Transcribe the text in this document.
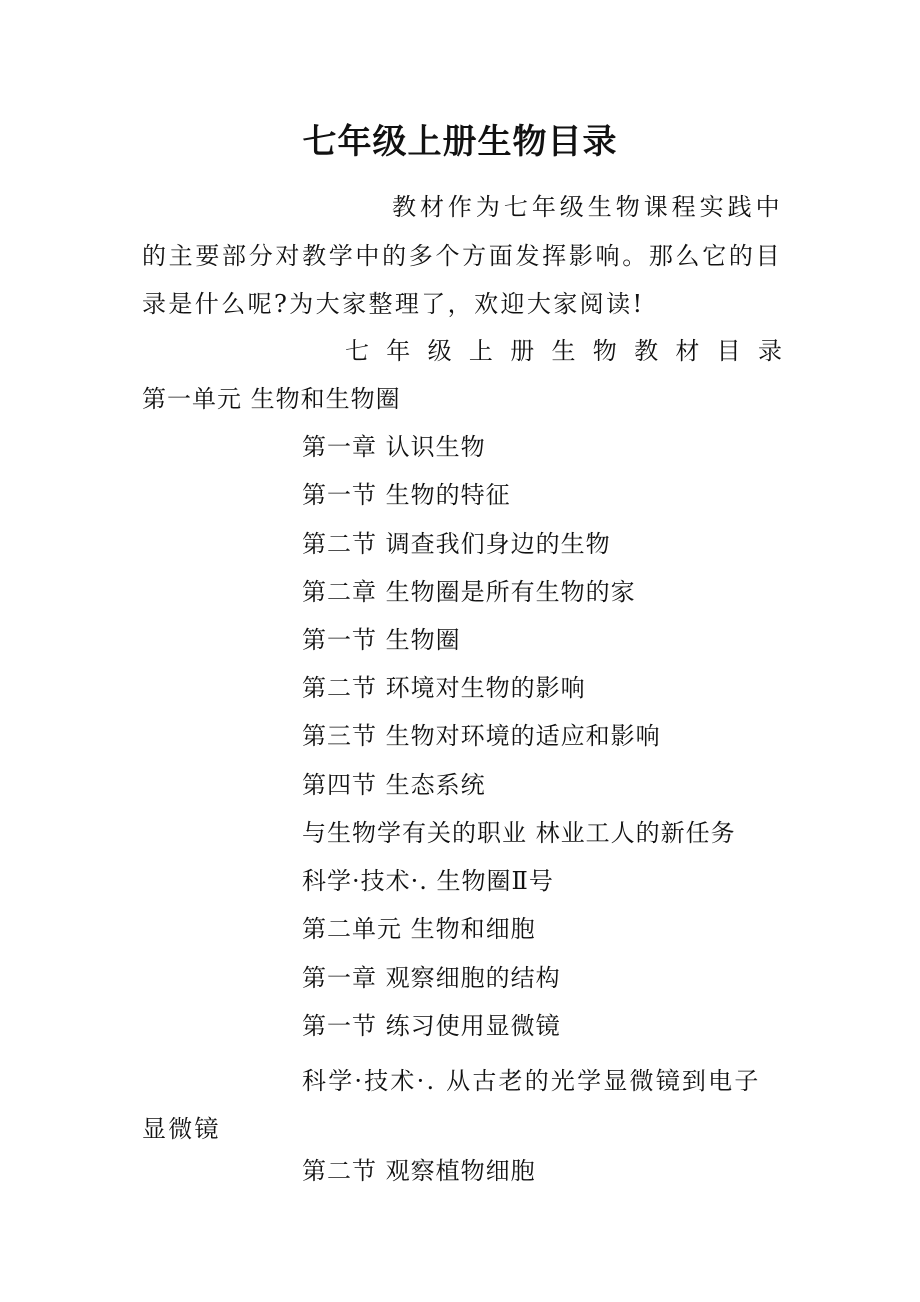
七年级上册生物目录

教材作为七年级生物课程实践中的主要部分对教学中的多个方面发挥影响。那么它的目录是什么呢?为大家整理了，欢迎大家阅读!

七 年 级 上 册 生 物 教 材 目 录

第一单元 生物和生物圈

第一章 认识生物

第一节 生物的特征

第二节 调查我们身边的生物

第二章 生物圈是所有生物的家

第一节 生物圈

第二节 环境对生物的影响

第三节 生物对环境的适应和影响

第四节 生态系统

与生物学有关的职业 林业工人的新任务

科学·技术·. 生物圈Ⅱ号

第二单元 生物和细胞

第一章 观察细胞的结构

第一节 练习使用显微镜

科学·技术·. 从古老的光学显微镜到电子显微镜

第二节 观察植物细胞
